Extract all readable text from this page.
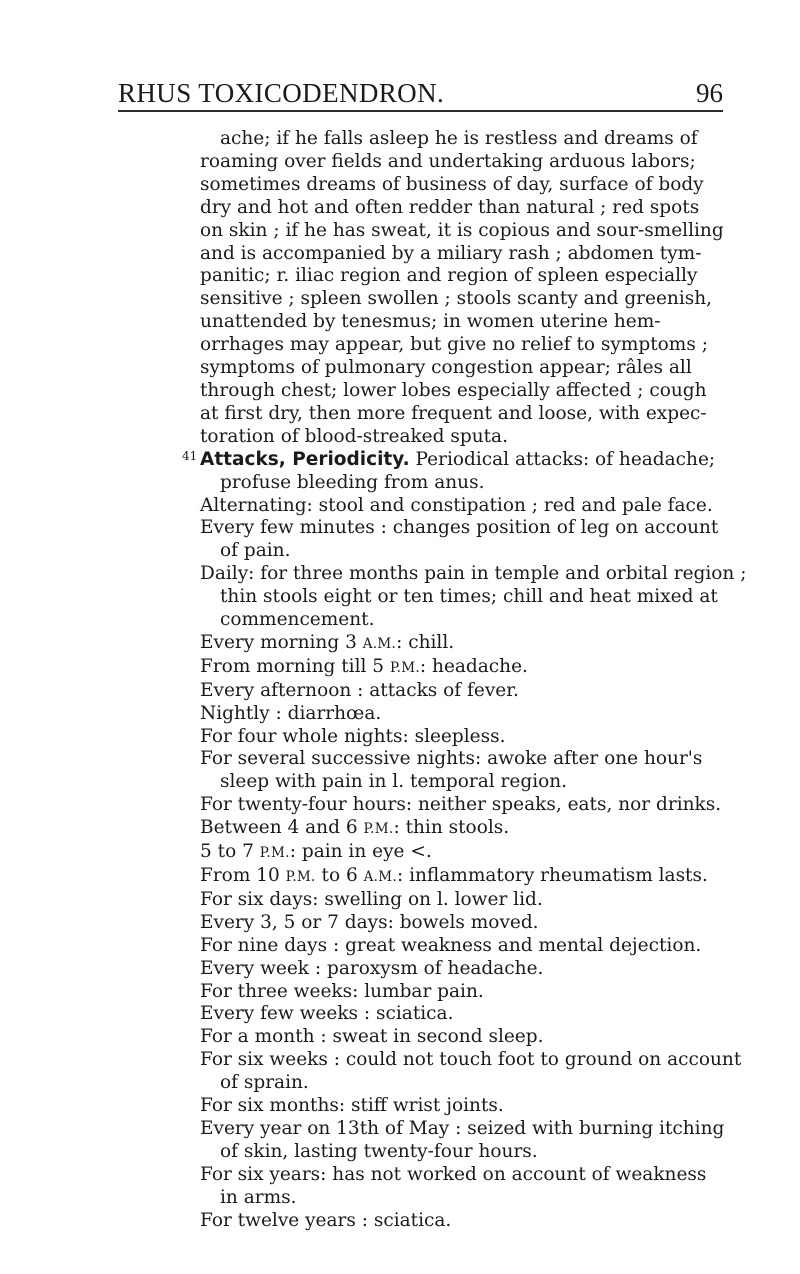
RHUS TOXICODENDRON.	96
ache; if he falls asleep he is restless and dreams of
roaming over fields and undertaking arduous labors;
sometimes dreams of business of day, surface of body
dry and hot and often redder than natural ; red spots
on skin ; if he has sweat, it is copious and sour-smelling
and is accompanied by a miliary rash ; abdomen tym-
panitic; r. iliac region and region of spleen especially
sensitive ; spleen swollen ; stools scanty and greenish,
unattended by tenesmus; in women uterine hem-
orrhages may appear, but give no relief to symptoms ;
symptoms of pulmonary congestion appear; râles all
through chest; lower lobes especially affected ; cough
at first dry, then more frequent and loose, with expec-
toration of blood-streaked sputa.
41 Attacks, Periodicity. Periodical attacks: of headache;
profuse bleeding from anus.
Alternating: stool and constipation ; red and pale face.
Every few minutes : changes position of leg on account
of pain.
Daily: for three months pain in temple and orbital region ;
thin stools eight or ten times; chill and heat mixed at
commencement.
Every morning 3 A.M.: chill.
From morning till 5 P.M.: headache.
Every afternoon : attacks of fever.
Nightly : diarrhœa.
For four whole nights: sleepless.
For several successive nights: awoke after one hour's
sleep with pain in l. temporal region.
For twenty-four hours: neither speaks, eats, nor drinks.
Between 4 and 6 P.M.: thin stools.
5 to 7 P.M.: pain in eye <.
From 10 P.M. to 6 A.M.: inflammatory rheumatism lasts.
For six days: swelling on l. lower lid.
Every 3, 5 or 7 days: bowels moved.
For nine days : great weakness and mental dejection.
Every week : paroxysm of headache.
For three weeks: lumbar pain.
Every few weeks : sciatica.
For a month : sweat in second sleep.
For six weeks : could not touch foot to ground on account
of sprain.
For six months: stiff wrist joints.
Every year on 13th of May : seized with burning itching
of skin, lasting twenty-four hours.
For six years: has not worked on account of weakness
in arms.
For twelve years : sciatica.
